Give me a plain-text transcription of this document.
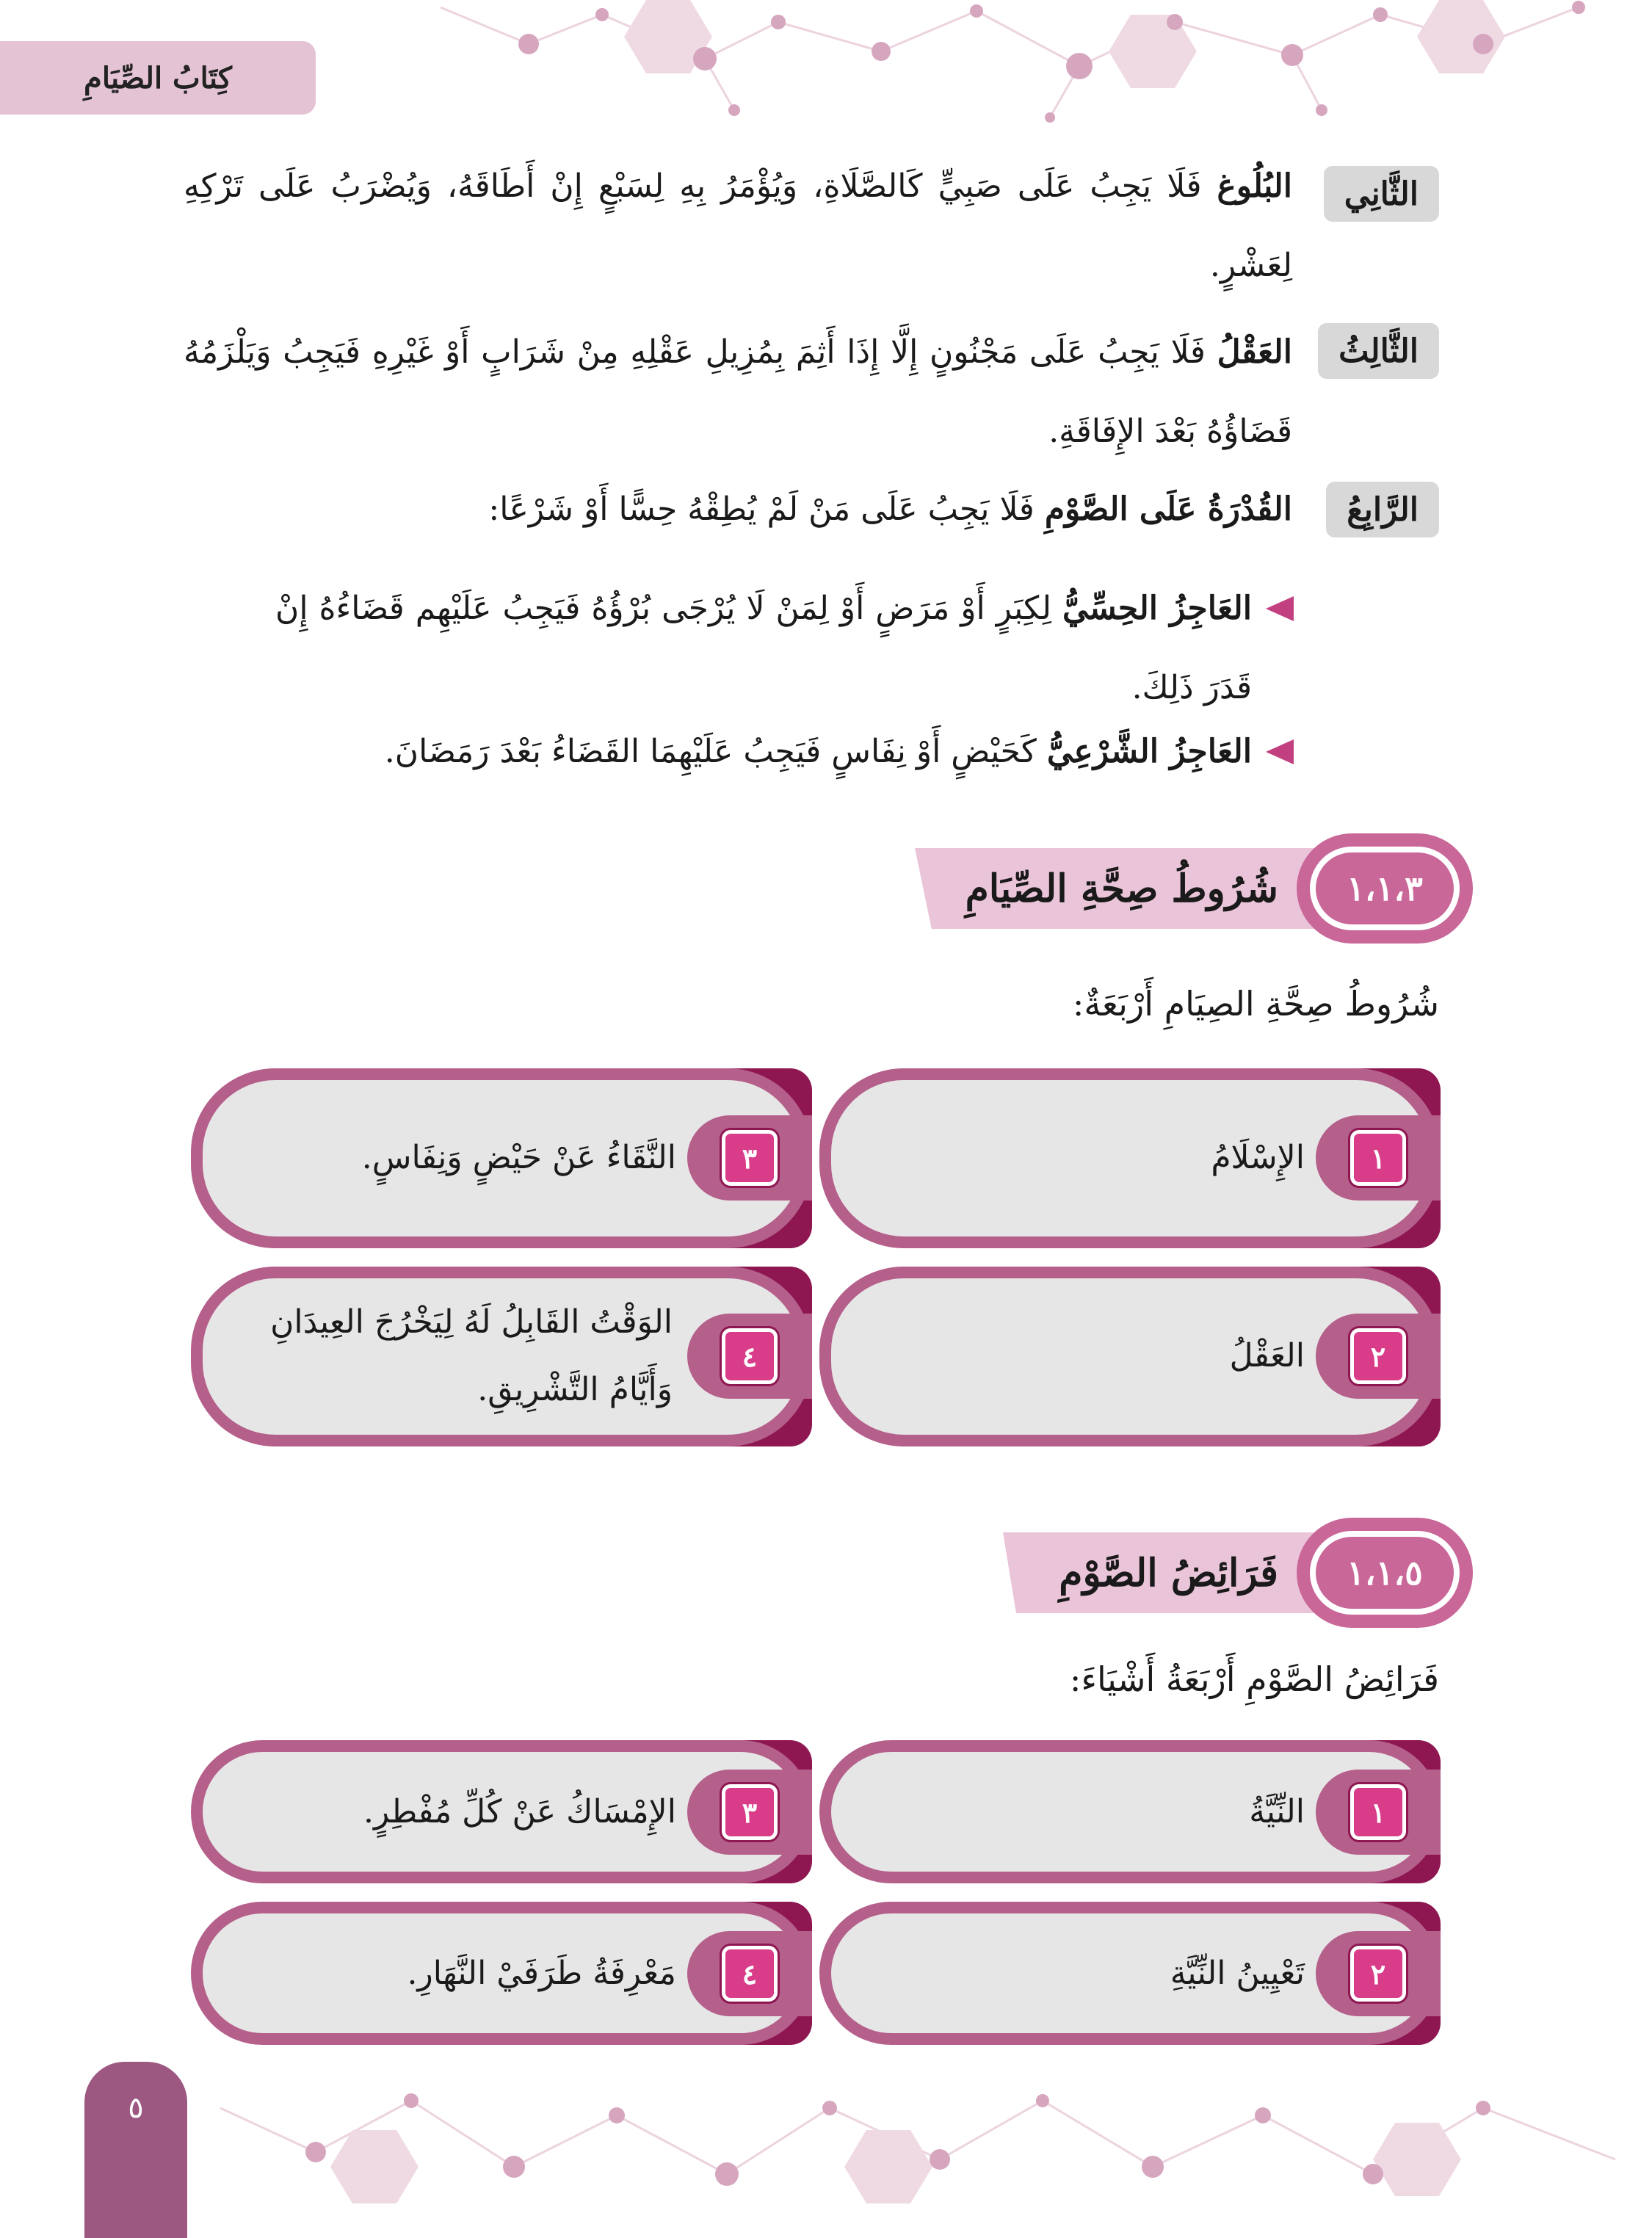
كِتَابُ الصِّيَامِ
الثَّانِي
البُلُوغ فَلَا يَجِبُ عَلَى صَبِيٍّ كَالصَّلَاةِ، وَيُؤْمَرُ بِهِ لِسَبْعٍ إِنْ أَطَاقَهُ، وَيُضْرَبُ عَلَى تَرْكِهِ لِعَشْرٍ.
الثَّالِثُ
العَقْلُ فَلَا يَجِبُ عَلَى مَجْنُونٍ إِلَّا إِذَا أَثِمَ بِمُزِيلِ عَقْلِهِ مِنْ شَرَابٍ أَوْ غَيْرِهِ فَيَجِبُ وَيَلْزَمُهُ قَضَاؤُهُ بَعْدَ الإِفَاقَةِ.
الرَّابِعُ
القُدْرَةُ عَلَى الصَّوْمِ فَلَا يَجِبُ عَلَى مَنْ لَمْ يُطِقْهُ حِسًّا أَوْ شَرْعًا:
العَاجِزُ الحِسِّيُّ لِكِبَرٍ أَوْ مَرَضٍ أَوْ لِمَنْ لَا يُرْجَى بُرْؤُهُ فَيَجِبُ عَلَيْهِم قَضَاءُهُ إِنْ قَدَرَ ذَلِكَ.
العَاجِزُ الشَّرْعِيُّ كَحَيْضٍ أَوْ نِفَاسٍ فَيَجِبُ عَلَيْهِمَا القَضَاءُ بَعْدَ رَمَضَانَ.
شُرُوطُ صِحَّةِ الصِّيَامِ	١،١،٣
شُرُوطُ صِحَّةِ الصِيَامِ أَرْبَعَةٌ:
١
الإِسْلَامُ
٢
العَقْلُ
٣
النَّقَاءُ عَنْ حَيْضٍ وَنِفَاسٍ.
٤
الوَقْتُ القَابِلُ لَهُ لِيَخْرُجَ العِيدَانِ وَأَيَّامُ التَّشْرِيقِ.
فَرَائِضُ الصَّوْمِ	١،١،٥
فَرَائِضُ الصَّوْمِ أَرْبَعَةُ أَشْيَاءَ:
١
النِّيَّةُ
٢
تَعْيِينُ النِّيَّةِ
٣
الإِمْسَاكُ عَنْ كُلِّ مُفْطِرٍ.
٤
مَعْرِفَةُ طَرَفَيْ النَّهَارِ.
٥
